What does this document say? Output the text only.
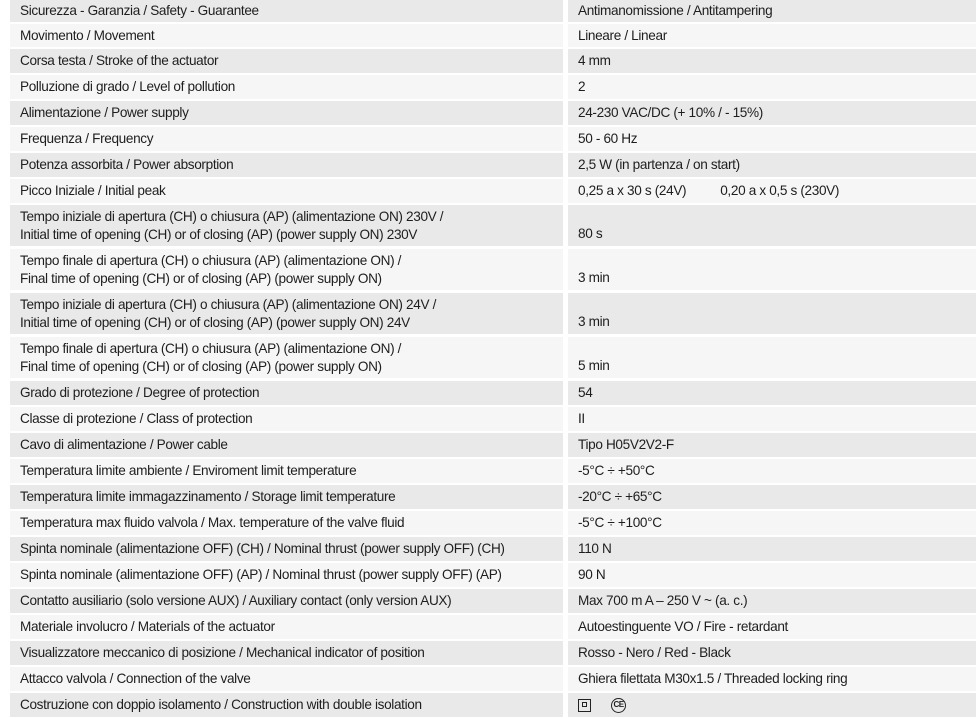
Sicurezza - Garanzia / Safety - Guarantee	Antimanomissione / Antitampering
Movimento / Movement	Lineare / Linear
Corsa testa / Stroke of the actuator	4 mm
Polluzione di grado / Level of pollution	2
Alimentazione / Power supply	24-230 VAC/DC (+ 10% / - 15%)
Frequenza / Frequency	50 - 60 Hz
Potenza assorbita / Power absorption	2,5 W (in partenza / on start)
Picco Iniziale / Initial peak	0,25 a x 30 s (24V)	0,20 a x 0,5 s (230V)
Tempo iniziale di apertura (CH) o chiusura (AP) (alimentazione ON) 230V /
Initial time of opening (CH) or of closing (AP) (power supply ON) 230V	80 s
Tempo finale di apertura (CH) o chiusura (AP) (alimentazione ON) /
Final time of opening (CH) or of closing (AP) (power supply ON)	3 min
Tempo iniziale di apertura (CH) o chiusura (AP) (alimentazione ON) 24V /
Initial time of opening (CH) or of closing (AP) (power supply ON) 24V	3 min
Tempo finale di apertura (CH) o chiusura (AP) (alimentazione ON) /
Final time of opening (CH) or of closing (AP) (power supply ON)	5 min
Grado di protezione / Degree of protection	54
Classe di protezione / Class of protection	II
Cavo di alimentazione / Power cable	Tipo H05V2V2-F
Temperatura limite ambiente / Enviroment limit temperature	-5°C ÷ +50°C
Temperatura limite immagazzinamento / Storage limit temperature	-20°C ÷ +65°C
Temperatura max fluido valvola / Max. temperature of the valve fluid	-5°C ÷ +100°C
Spinta nominale (alimentazione OFF) (CH) / Nominal thrust (power supply OFF) (CH)	110 N
Spinta nominale (alimentazione OFF) (AP) / Nominal thrust (power supply OFF) (AP)	90 N
Contatto ausiliario (solo versione AUX) / Auxiliary contact (only version AUX)	Max 700 m A – 250 V ~ (a. c.)
Materiale involucro / Materials of the actuator	Autoestinguente VO / Fire - retardant
Visualizzatore meccanico di posizione / Mechanical indicator of position	Rosso - Nero / Red - Black
Attacco valvola / Connection of the valve	Ghiera filettata M30x1.5 / Threaded locking ring
Costruzione con doppio isolamento / Construction with double isolation	CE
